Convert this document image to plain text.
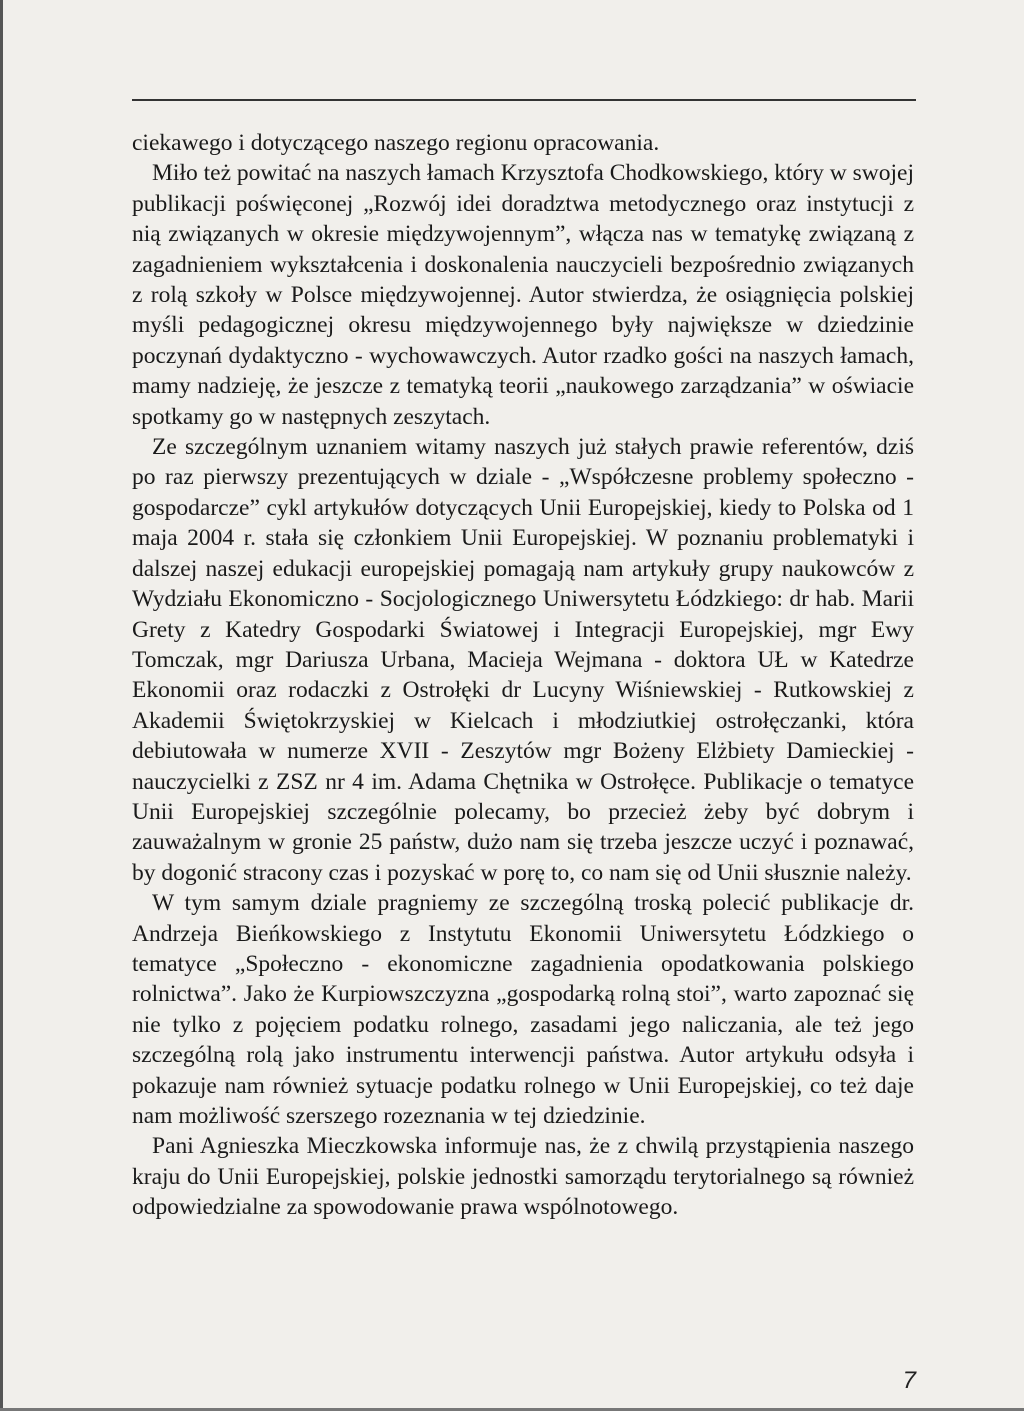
ciekawego i dotyczącego naszego regionu opracowania.

Miło też powitać na naszych łamach Krzysztofa Chodkowskiego, który w swojej publikacji poświęconej „Rozwój idei doradztwa metodycznego oraz instytucji z nią związanych w okresie międzywojennym”, włącza nas w tematykę związaną z zagadnieniem wykształcenia i doskonalenia nauczycieli bezpośrednio związanych z rolą szkoły w Polsce międzywojennej. Autor stwierdza, że osiągnięcia polskiej myśli pedagogicznej okresu międzywojennego były największe w dziedzinie poczynań dydaktyczno - wychowawczych. Autor rzadko gości na naszych łamach, mamy nadzieję, że jeszcze z tematyką teorii „naukowego zarządzania” w oświacie spotkamy go w następnych zeszytach.

Ze szczególnym uznaniem witamy naszych już stałych prawie referentów, dziś po raz pierwszy prezentujących w dziale - „Współczesne problemy społeczno - gospodarcze” cykl artykułów dotyczących Unii Europejskiej, kiedy to Polska od 1 maja 2004 r. stała się członkiem Unii Europejskiej. W poznaniu problematyki i dalszej naszej edukacji europejskiej pomagają nam artykuły grupy naukowców z Wydziału Ekonomiczno - Socjologicznego Uniwersytetu Łódzkiego: dr hab. Marii Grety z Katedry Gospodarki Światowej i Integracji Europejskiej, mgr Ewy Tomczak, mgr Dariusza Urbana, Macieja Wejmana - doktora UŁ w Katedrze Ekonomii oraz rodaczki z Ostrołęki dr Lucyny Wiśniewskiej - Rutkowskiej z Akademii Świętokrzyskiej w Kielcach i młodziutkiej ostrołęczanki, która debiutowała w numerze XVII - Zeszytów mgr Bożeny Elżbiety Damieckiej - nauczycielki z ZSZ nr 4 im. Adama Chętnika w Ostrołęce. Publikacje o tematyce Unii Europejskiej szczególnie polecamy, bo przecież żeby być dobrym i zauważalnym w gronie 25 państw, dużo nam się trzeba jeszcze uczyć i poznawać, by dogonić stracony czas i pozyskać w porę to, co nam się od Unii słusznie należy.

W tym samym dziale pragniemy ze szczególną troską polecić publikacje dr. Andrzeja Bieńkowskiego z Instytutu Ekonomii Uniwersytetu Łódzkiego o tematyce „Społeczno - ekonomiczne zagadnienia opodatkowania polskiego rolnictwa”. Jako że Kurpiowszczyzna „gospodarką rolną stoi”, warto zapoznać się nie tylko z pojęciem podatku rolnego, zasadami jego naliczania, ale też jego szczególną rolą jako instrumentu interwencji państwa. Autor artykułu odsyła i pokazuje nam również sytuacje podatku rolnego w Unii Europejskiej, co też daje nam możliwość szerszego rozeznania w tej dziedzinie.

Pani Agnieszka Mieczkowska informuje nas, że z chwilą przystąpienia naszego kraju do Unii Europejskiej, polskie jednostki samorządu terytorialnego są również odpowiedzialne za spowodowanie prawa wspólnotowego.

7
